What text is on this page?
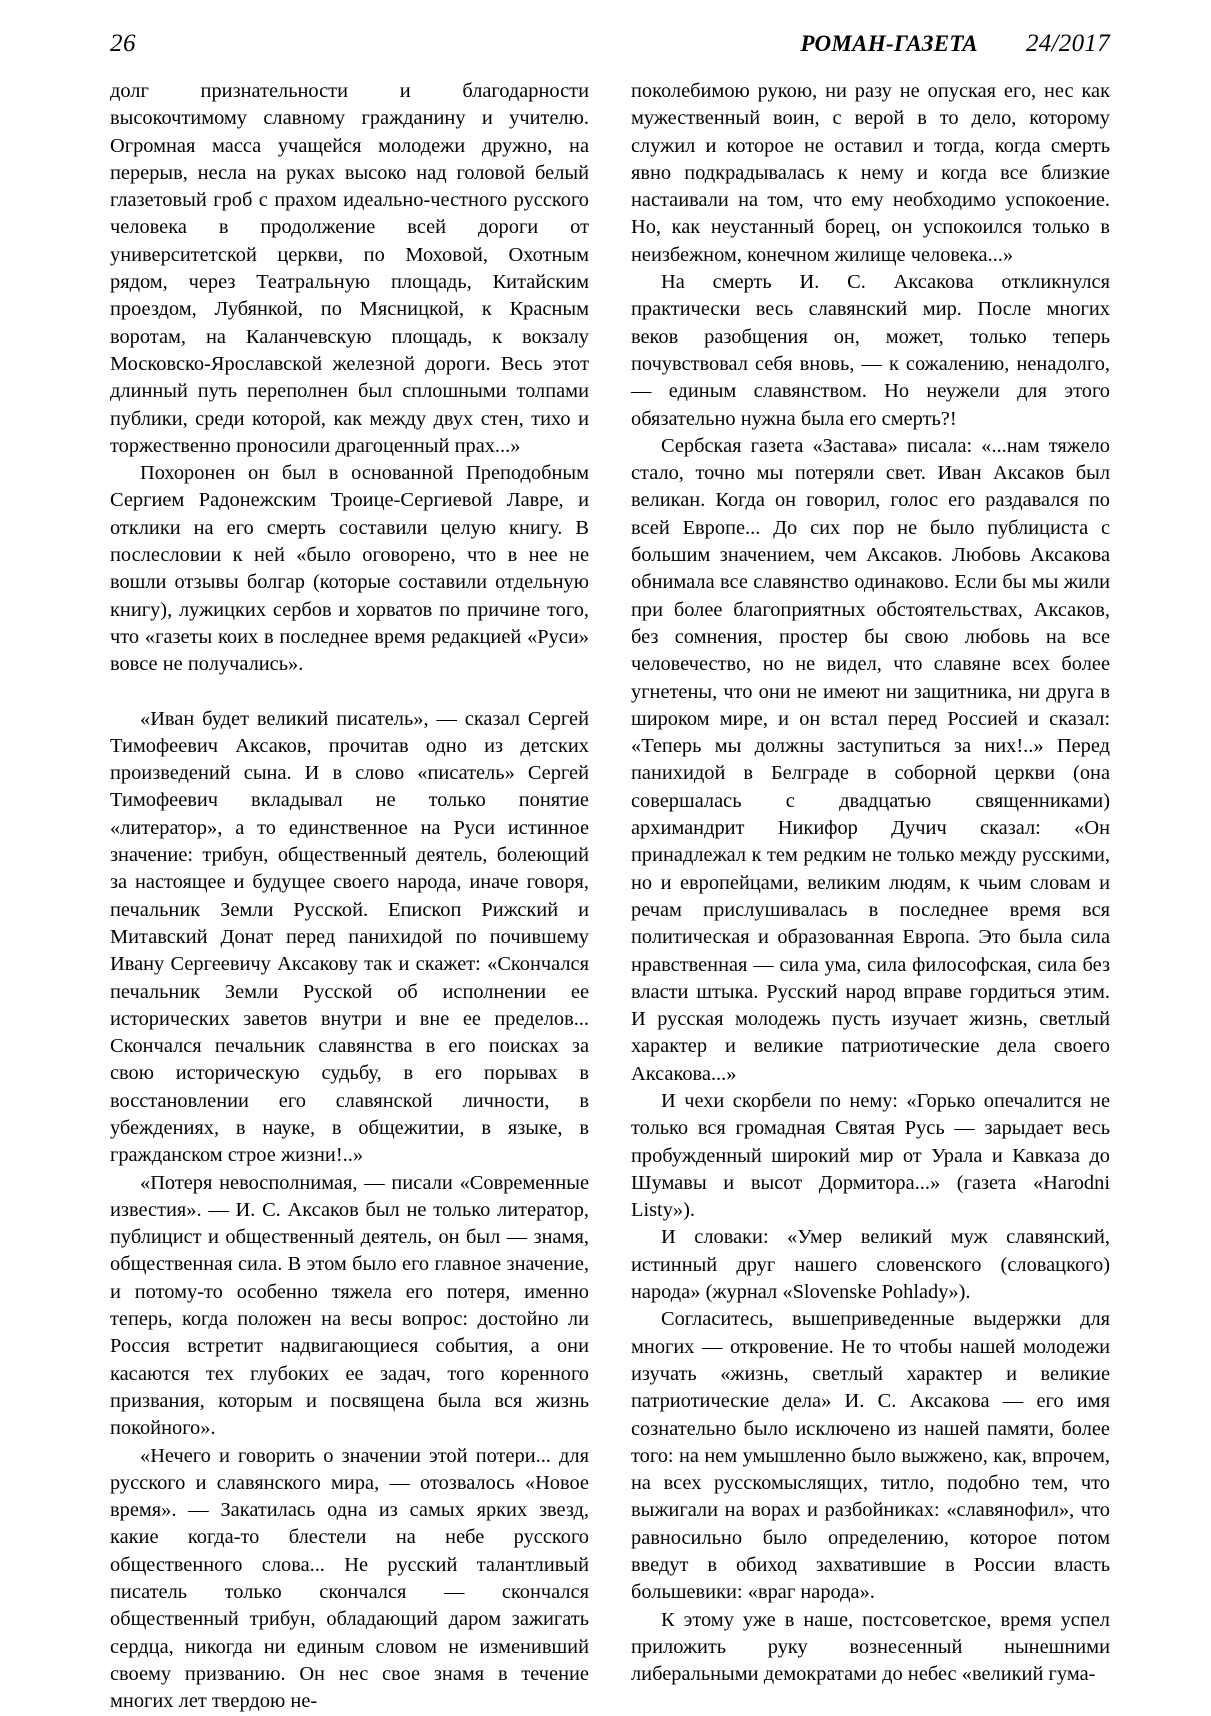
26	РОМАН-ГАЗЕТА 24/2017

долг признательности и благодарности высокочтимому славному гражданину и учителю. Огромная масса учащейся молодежи дружно, на перерыв, несла на руках высоко над головой белый глазетовый гроб с прахом идеально-честного русского человека в продолжение всей дороги от университетской церкви, по Моховой, Охотным рядом, через Театральную площадь, Китайским проездом, Лубянкой, по Мясницкой, к Красным воротам, на Каланчевскую площадь, к вокзалу Московско-Ярославской железной дороги. Весь этот длинный путь переполнен был сплошными толпами публики, среди которой, как между двух стен, тихо и торжественно проносили драгоценный прах...»

Похоронен он был в основанной Преподобным Сергием Радонежским Троице-Сергиевой Лавре, и отклики на его смерть составили целую книгу. В послесловии к ней «было оговорено, что в нее не вошли отзывы болгар (которые составили отдельную книгу), лужицких сербов и хорватов по причине того, что «газеты коих в последнее время редакцией «Руси» вовсе не получались».

«Иван будет великий писатель», — сказал Сергей Тимофеевич Аксаков, прочитав одно из детских произведений сына. И в слово «писатель» Сергей Тимофеевич вкладывал не только понятие «литератор», а то единственное на Руси истинное значение: трибун, общественный деятель, болеющий за настоящее и будущее своего народа, иначе говоря, печальник Земли Русской. Епископ Рижский и Митавский Донат перед панихидой по почившему Ивану Сергеевичу Аксакову так и скажет: «Скончался печальник Земли Русской об исполнении ее исторических заветов внутри и вне ее пределов... Скончался печальник славянства в его поисках за свою историческую судьбу, в его порывах в восстановлении его славянской личности, в убеждениях, в науке, в общежитии, в языке, в гражданском строе жизни!..»

«Потеря невосполнимая, — писали «Современные известия». — И. С. Аксаков был не только литератор, публицист и общественный деятель, он был — знамя, общественная сила. В этом было его главное значение, и потому-то особенно тяжела его потеря, именно теперь, когда положен на весы вопрос: достойно ли Россия встретит надвигающиеся события, а они касаются тех глубоких ее задач, того коренного призвания, которым и посвящена была вся жизнь покойного».

«Нечего и говорить о значении этой потери... для русского и славянского мира, — отозвалось «Новое время». — Закатилась одна из самых ярких звезд, какие когда-то блестели на небе русского общественного слова... Не русский талантливый писатель только скончался — скончался общественный трибун, обладающий даром зажигать сердца, никогда ни единым словом не изменивший своему призванию. Он нес свое знамя в течение многих лет твердою не-

поколебимою рукою, ни разу не опуская его, нес как мужественный воин, с верой в то дело, которому служил и которое не оставил и тогда, когда смерть явно подкрадывалась к нему и когда все близкие настаивали на том, что ему необходимо успокоение. Но, как неустанный борец, он успокоился только в неизбежном, конечном жилище человека...»

На смерть И. С. Аксакова откликнулся практически весь славянский мир. После многих веков разобщения он, может, только теперь почувствовал себя вновь, — к сожалению, ненадолго, — единым славянством. Но неужели для этого обязательно нужна была его смерть?!

Сербская газета «Застава» писала: «...нам тяжело стало, точно мы потеряли свет. Иван Аксаков был великан. Когда он говорил, голос его раздавался по всей Европе... До сих пор не было публициста с большим значением, чем Аксаков. Любовь Аксакова обнимала все славянство одинаково. Если бы мы жили при более благоприятных обстоятельствах, Аксаков, без сомнения, простер бы свою любовь на все человечество, но не видел, что славяне всех более угнетены, что они не имеют ни защитника, ни друга в широком мире, и он встал перед Россией и сказал: «Теперь мы должны заступиться за них!..» Перед панихидой в Белграде в соборной церкви (она совершалась с двадцатью священниками) архимандрит Никифор Дучич сказал: «Он принадлежал к тем редким не только между русскими, но и европейцами, великим людям, к чьим словам и речам прислушивалась в последнее время вся политическая и образованная Европа. Это была сила нравственная — сила ума, сила философская, сила без власти штыка. Русский народ вправе гордиться этим. И русская молодежь пусть изучает жизнь, светлый характер и великие патриотические дела своего Аксакова...»

И чехи скорбели по нему: «Горько опечалится не только вся громадная Святая Русь — зарыдает весь пробужденный широкий мир от Урала и Кавказа до Шумавы и высот Дормитора...» (газета «Harodni Listy»).

И словаки: «Умер великий муж славянский, истинный друг нашего словенского (словацкого) народа» (журнал «Slovenske Pohlady»).

Согласитесь, вышеприведенные выдержки для многих — откровение. Не то чтобы нашей молодежи изучать «жизнь, светлый характер и великие патриотические дела» И. С. Аксакова — его имя сознательно было исключено из нашей памяти, более того: на нем умышленно было выжжено, как, впрочем, на всех русскомыслящих, титло, подобно тем, что выжигали на ворах и разбойниках: «славянофил», что равносильно было определению, которое потом введут в обиход захватившие в России власть большевики: «враг народа».

К этому уже в наше, постсоветское, время успел приложить руку вознесенный нынешними либеральными демократами до небес «великий гума-
